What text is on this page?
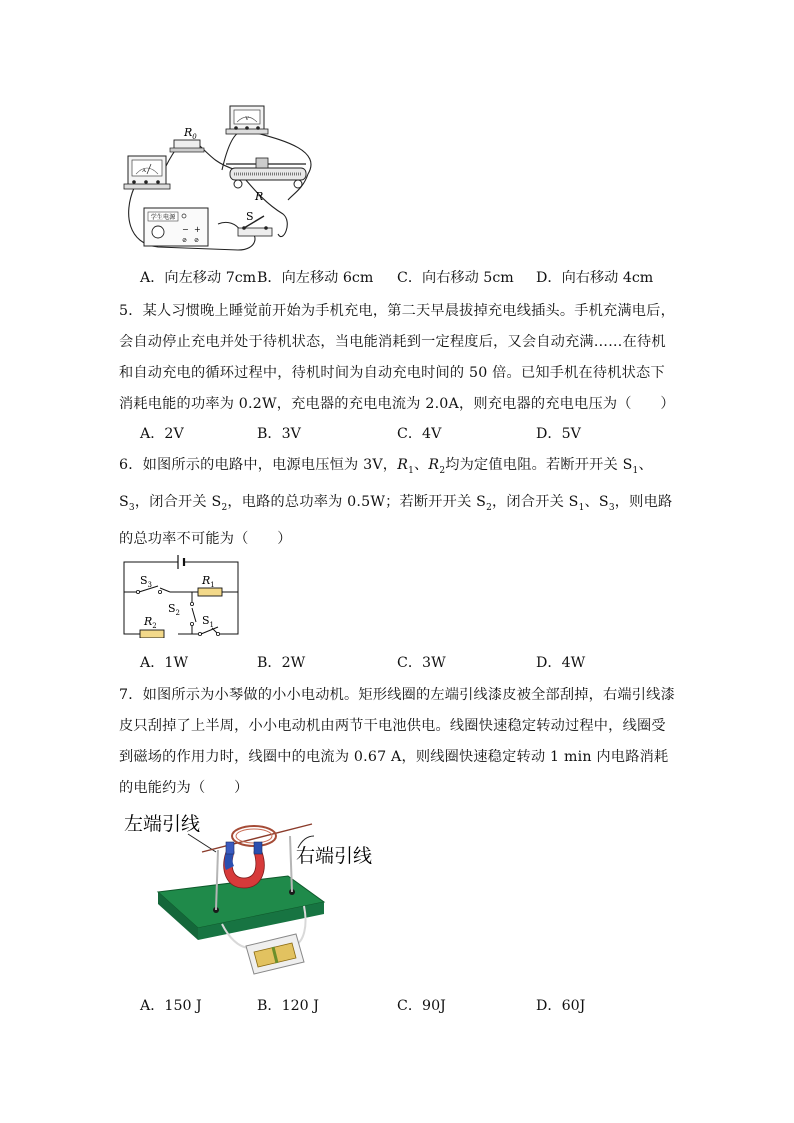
A
V
$R_0$
R
学生电源
− +
⊘ ⊘
S
A．向左移动 7cm B．向左移动 6cm C．向右移动 5cm D．向右移动 4cm
5．某人习惯晚上睡觉前开始为手机充电，第二天早晨拔掉充电线插头。手机充满电后，会自动停止充电并处于待机状态，当电能消耗到一定程度后，又会自动充满……在待机和自动充电的循环过程中，待机时间为自动充电时间的 50 倍。已知手机在待机状态下消耗电能的功率为 0.2W，充电器的充电电流为 2.0A，则充电器的充电电压为（　　）
A．2V	B．3V	C．4V	D．5V
6．如图所示的电路中，电源电压恒为 3V，$R_1$、$R_2$均为定值电阻。若断开开关 $S_1$、$S_3$，闭合开关 $S_2$，电路的总功率为 0.5W；若断开开关 $S_2$，闭合开关 $S_1$、$S_3$，则电路的总功率不可能为（　　）
$S_3$	$R_1$
$S_2$
$R_2$	$S_1$
A．1W	B．2W	C．3W	D．4W
7．如图所示为小琴做的小小电动机。矩形线圈的左端引线漆皮被全部刮掉，右端引线漆皮只刮掉了上半周，小小电动机由两节干电池供电。线圈快速稳定转动过程中，线圈受到磁场的作用力时，线圈中的电流为 0.67 A，则线圈快速稳定转动 1 min 内电路消耗的电能约为（　　）
左端引线
右端引线
A．150 J	B．120 J	C．90J	D．60J
